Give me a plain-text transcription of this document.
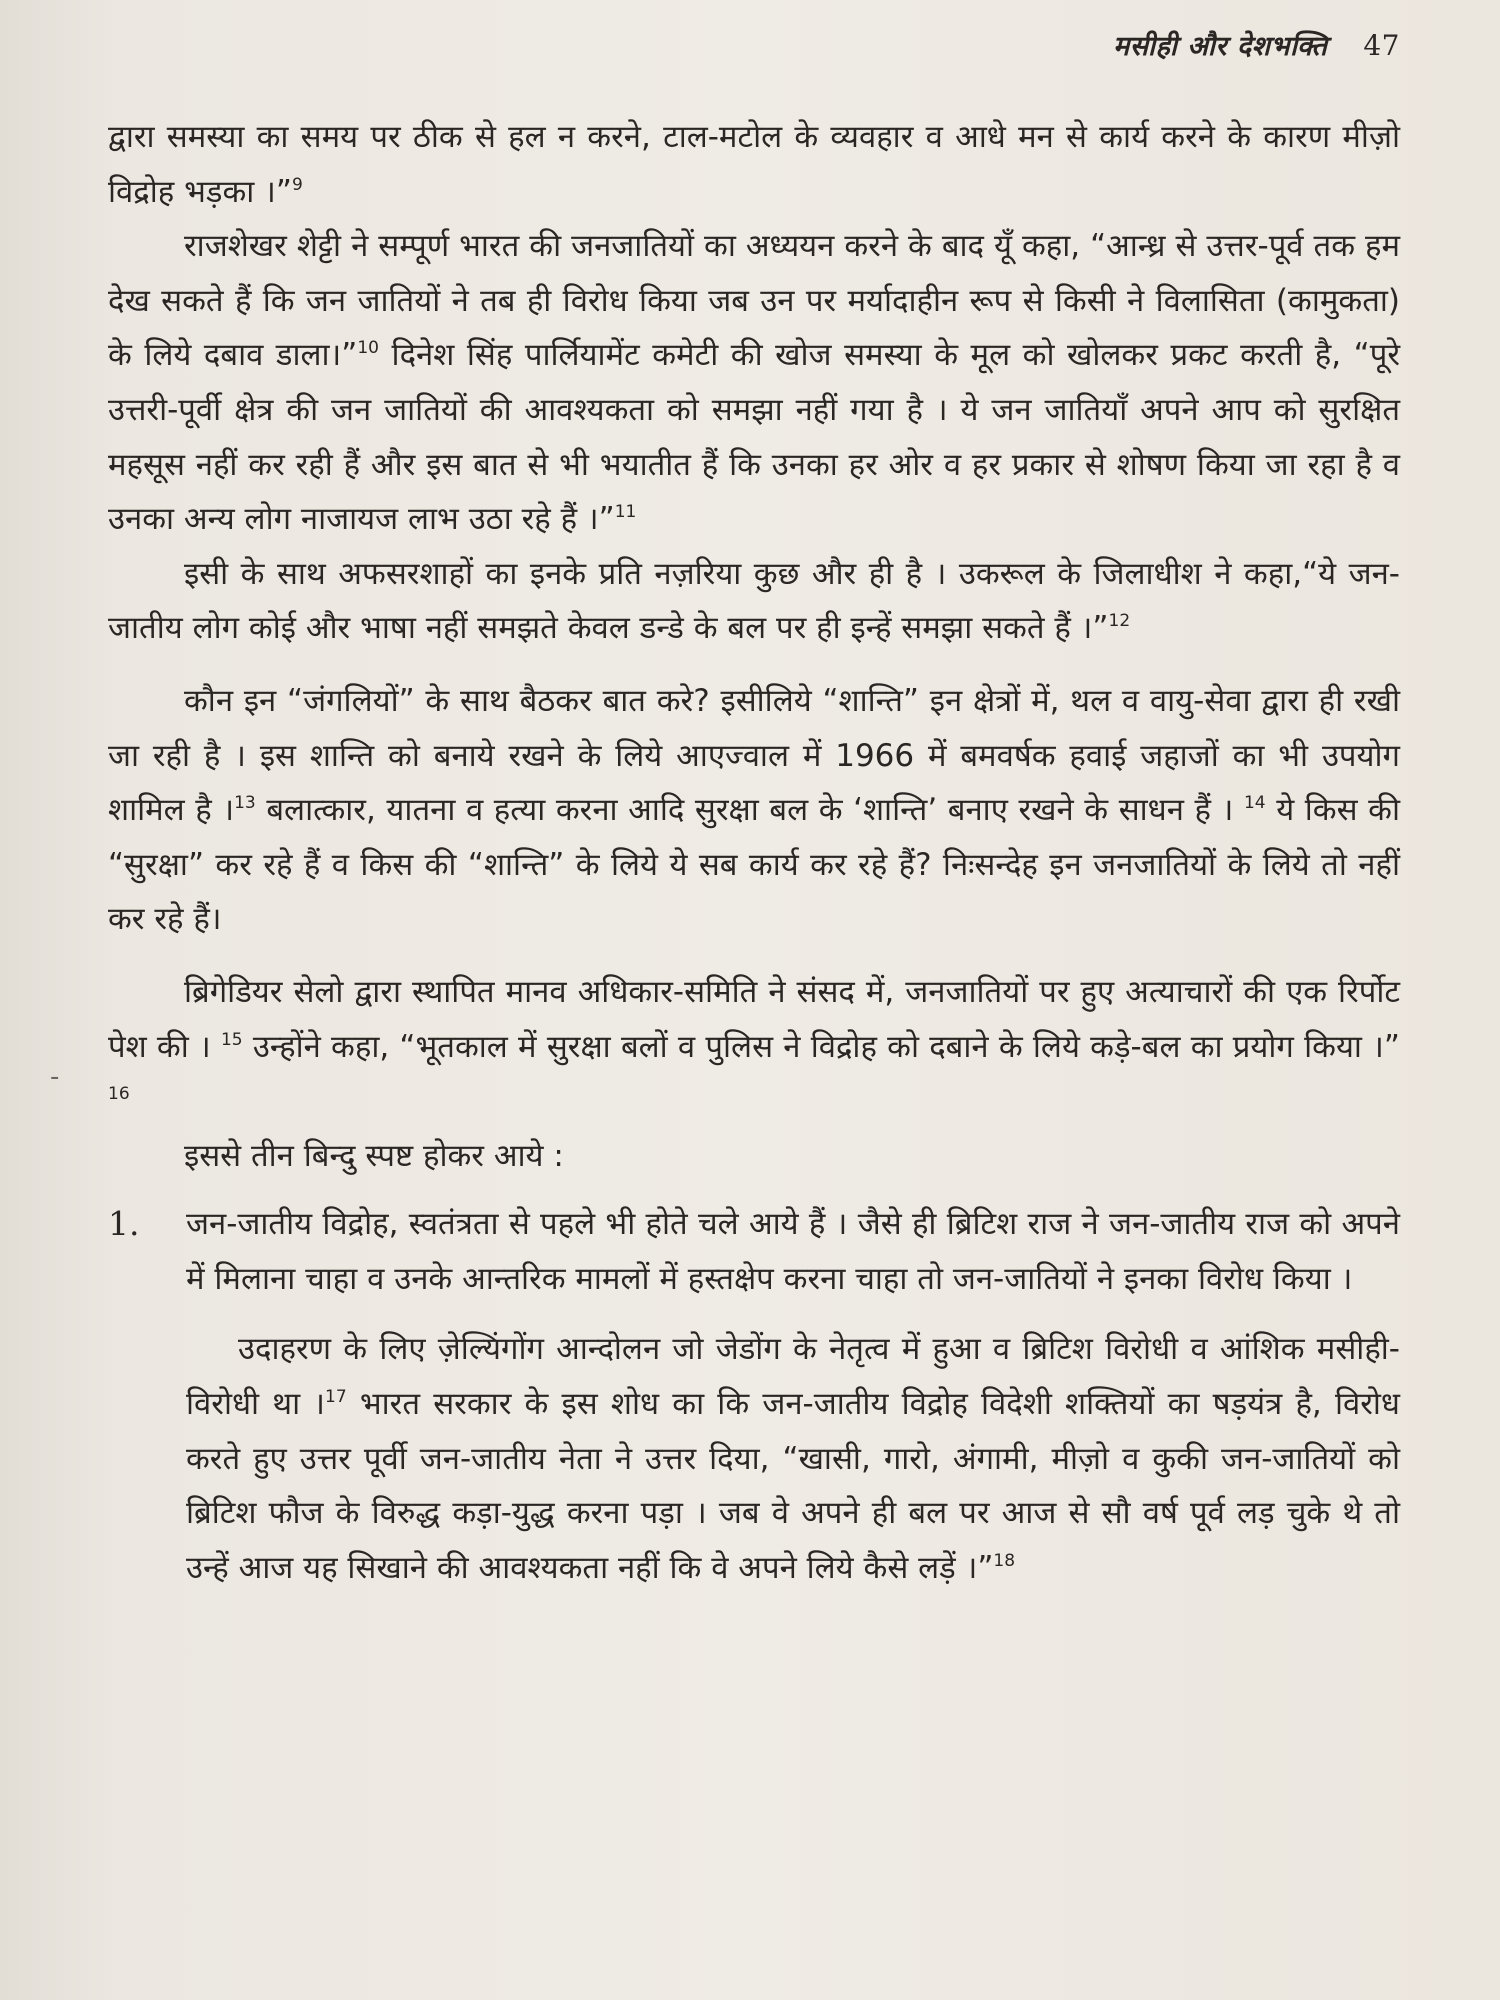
मसीही और देशभक्ति 47
-

द्वारा समस्या का समय पर ठीक से हल न करने, टाल-मटोल के व्यवहार व आधे मन से कार्य करने के कारण मीज़ो विद्रोह भड़का ।”$^9$

राजशेखर शेट्टी ने सम्पूर्ण भारत की जनजातियों का अध्ययन करने के बाद यूँ कहा, “आन्ध्र से उत्तर-पूर्व तक हम देख सकते हैं कि जन जातियों ने तब ही विरोध किया जब उन पर मर्यादाहीन रूप से किसी ने विलासिता (कामुकता) के लिये दबाव डाला।”$^{10}$ दिनेश सिंह पार्लियामेंट कमेटी की खोज समस्या के मूल को खोलकर प्रकट करती है, “पूरे उत्तरी-पूर्वी क्षेत्र की जन जातियों की आवश्यकता को समझा नहीं गया है । ये जन जातियाँ अपने आप को सुरक्षित महसूस नहीं कर रही हैं और इस बात से भी भयातीत हैं कि उनका हर ओर व हर प्रकार से शोषण किया जा रहा है व उनका अन्य लोग नाजायज लाभ उठा रहे हैं ।”$^{11}$

इसी के साथ अफसरशाहों का इनके प्रति नज़रिया कुछ और ही है । उकरूल के जिलाधीश ने कहा,“ये जन-जातीय लोग कोई और भाषा नहीं समझते केवल डन्डे के बल पर ही इन्हें समझा सकते हैं ।”$^{12}$

कौन इन “जंगलियों” के साथ बैठकर बात करे? इसीलिये “शान्ति” इन क्षेत्रों में, थल व वायु-सेवा द्वारा ही रखी जा रही है । इस शान्ति को बनाये रखने के लिये आएज्वाल में 1966 में बमवर्षक हवाई जहाजों का भी उपयोग शामिल है ।$^{13}$ बलात्कार, यातना व हत्या करना आदि सुरक्षा बल के ‘शान्ति’ बनाए रखने के साधन हैं । $^{14}$ ये किस की “सुरक्षा” कर रहे हैं व किस की “शान्ति” के लिये ये सब कार्य कर रहे हैं? निःसन्देह इन जनजातियों के लिये तो नहीं कर रहे हैं।

ब्रिगेडियर सेलो द्वारा स्थापित मानव अधिकार-समिति ने संसद में, जनजातियों पर हुए अत्याचारों की एक रिर्पोट पेश की । $^{15}$ उन्होंने कहा, “भूतकाल में सुरक्षा बलों व पुलिस ने विद्रोह को दबाने के लिये कड़े-बल का प्रयोग किया ।” $^{16}$

इससे तीन बिन्दु स्पष्ट होकर आये :

1.	जन-जातीय विद्रोह, स्वतंत्रता से पहले भी होते चले आये हैं । जैसे ही ब्रिटिश राज ने जन-जातीय राज को अपने में मिलाना चाहा व उनके आन्तरिक मामलों में हस्तक्षेप करना चाहा तो जन-जातियों ने इनका विरोध किया ।

उदाहरण के लिए ज़ेल्यिंगोंग आन्दोलन जो जेडोंग के नेतृत्व में हुआ व ब्रिटिश विरोधी व आंशिक मसीही-विरोधी था ।$^{17}$ भारत सरकार के इस शोध का कि जन-जातीय विद्रोह विदेशी शक्तियों का षड़यंत्र है, विरोध करते हुए उत्तर पूर्वी जन-जातीय नेता ने उत्तर दिया, “खासी, गारो, अंगामी, मीज़ो व कुकी जन-जातियों को ब्रिटिश फौज के विरुद्ध कड़ा-युद्ध करना पड़ा । जब वे अपने ही बल पर आज से सौ वर्ष पूर्व लड़ चुके थे तो उन्हें आज यह सिखाने की आवश्यकता नहीं कि वे अपने लिये कैसे लड़ें ।”$^{18}$
